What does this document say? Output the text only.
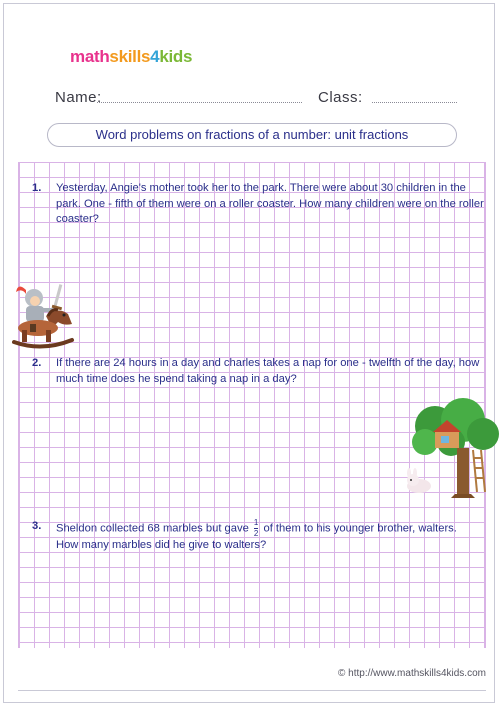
mathskills4kids
Name:	Class:
Word problems on fractions of a number: unit fractions
1. Yesterday, Angie's mother took her to the park. There were about 30 children in the
park. One - fifth of them were on a roller coaster. How many children were on the roller
coaster?
2. If there are 24 hours in a day and charles takes a nap for one - twelfth of the day, how
much time does he spend taking a nap in a day?
3. Sheldon collected 68 marbles but gave $\frac{1}{2}$ of them to his younger brother, walters.
How many marbles did he give to walters?
© http://www.mathskills4kids.com
